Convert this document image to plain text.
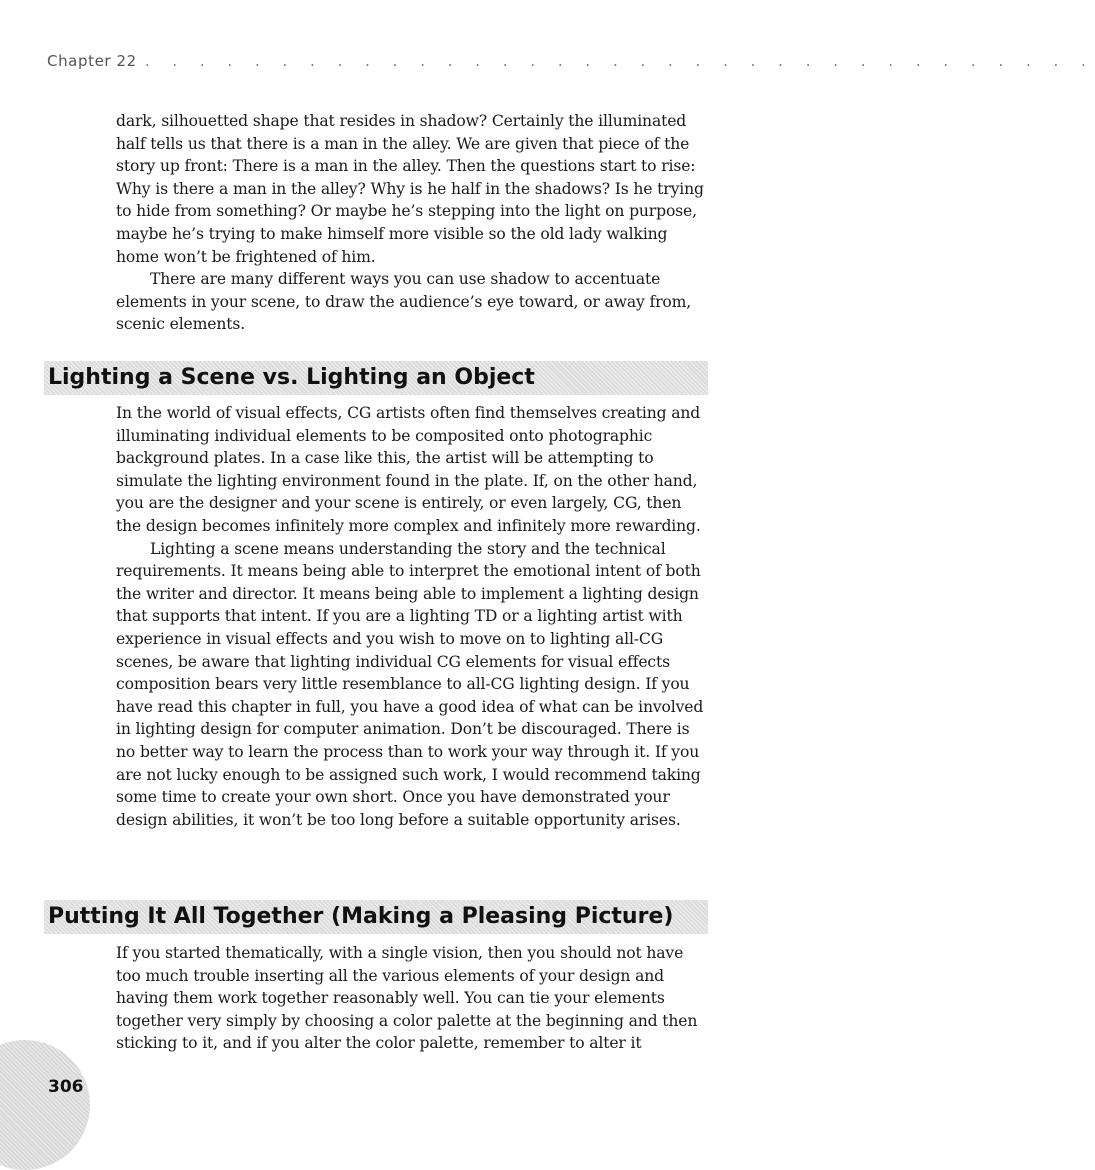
Chapter 22 . . . . . . . . . . . . . . . . . . . . . . . . . . . . . . . . . . .

dark, silhouetted shape that resides in shadow? Certainly the illuminated half tells us that there is a man in the alley. We are given that piece of the story up front: There is a man in the alley. Then the questions start to rise: Why is there a man in the alley? Why is he half in the shadows? Is he trying to hide from something? Or maybe he’s stepping into the light on purpose, maybe he’s trying to make himself more visible so the old lady walking home won’t be frightened of him.

There are many different ways you can use shadow to accentuate elements in your scene, to draw the audience’s eye toward, or away from, scenic elements.

Lighting a Scene vs. Lighting an Object

In the world of visual effects, CG artists often find themselves creating and illuminating individual elements to be composited onto photographic background plates. In a case like this, the artist will be attempting to simulate the lighting environment found in the plate. If, on the other hand, you are the designer and your scene is entirely, or even largely, CG, then the design becomes infinitely more complex and infinitely more rewarding.

Lighting a scene means understanding the story and the technical requirements. It means being able to interpret the emotional intent of both the writer and director. It means being able to implement a lighting design that supports that intent. If you are a lighting TD or a lighting artist with experience in visual effects and you wish to move on to lighting all-CG scenes, be aware that lighting individual CG elements for visual effects composition bears very little resemblance to all-CG lighting design. If you have read this chapter in full, you have a good idea of what can be involved in lighting design for computer animation. Don’t be discouraged. There is no better way to learn the process than to work your way through it. If you are not lucky enough to be assigned such work, I would recommend taking some time to create your own short. Once you have demonstrated your design abilities, it won’t be too long before a suitable opportunity arises.

Putting It All Together (Making a Pleasing Picture)

If you started thematically, with a single vision, then you should not have too much trouble inserting all the various elements of your design and having them work together reasonably well. You can tie your elements together very simply by choosing a color palette at the beginning and then sticking to it, and if you alter the color palette, remember to alter it

306
